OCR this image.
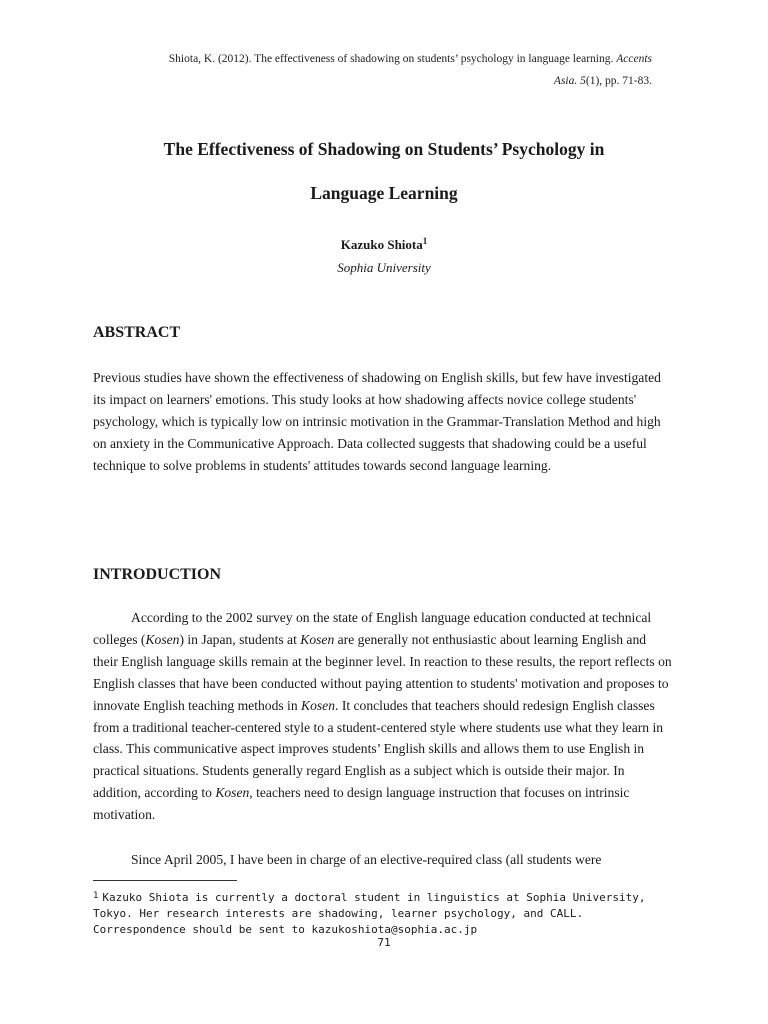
Shiota, K. (2012). The effectiveness of shadowing on students’ psychology in language learning. Accents
Asia. 5(1), pp. 71-83.
The Effectiveness of Shadowing on Students’ Psychology in
Language Learning
Kazuko Shiota$^1$
Sophia University
ABSTRACT

Previous studies have shown the effectiveness of shadowing on English skills, but few have investigated its impact on learners' emotions. This study looks at how shadowing affects novice college students' psychology, which is typically low on intrinsic motivation in the Grammar-Translation Method and high on anxiety in the Communicative Approach. Data collected suggests that shadowing could be a useful technique to solve problems in students' attitudes towards second language learning.

INTRODUCTION

According to the 2002 survey on the state of English language education conducted at technical colleges (Kosen) in Japan, students at Kosen are generally not enthusiastic about learning English and their English language skills remain at the beginner level. In reaction to these results, the report reflects on English classes that have been conducted without paying attention to students' motivation and proposes to innovate English teaching methods in Kosen. It concludes that teachers should redesign English classes from a traditional teacher-centered style to a student-centered style where students use what they learn in class. This communicative aspect improves students’ English skills and allows them to use English in practical situations. Students generally regard English as a subject which is outside their major. In addition, according to Kosen, teachers need to design language instruction that focuses on intrinsic motivation.

Since April 2005, I have been in charge of an elective-required class (all students were

$^1$ Kazuko Shiota is currently a doctoral student in linguistics at Sophia University, Tokyo. Her research interests are shadowing, learner psychology, and CALL. Correspondence should be sent to kazukoshiota@sophia.ac.jp
71
